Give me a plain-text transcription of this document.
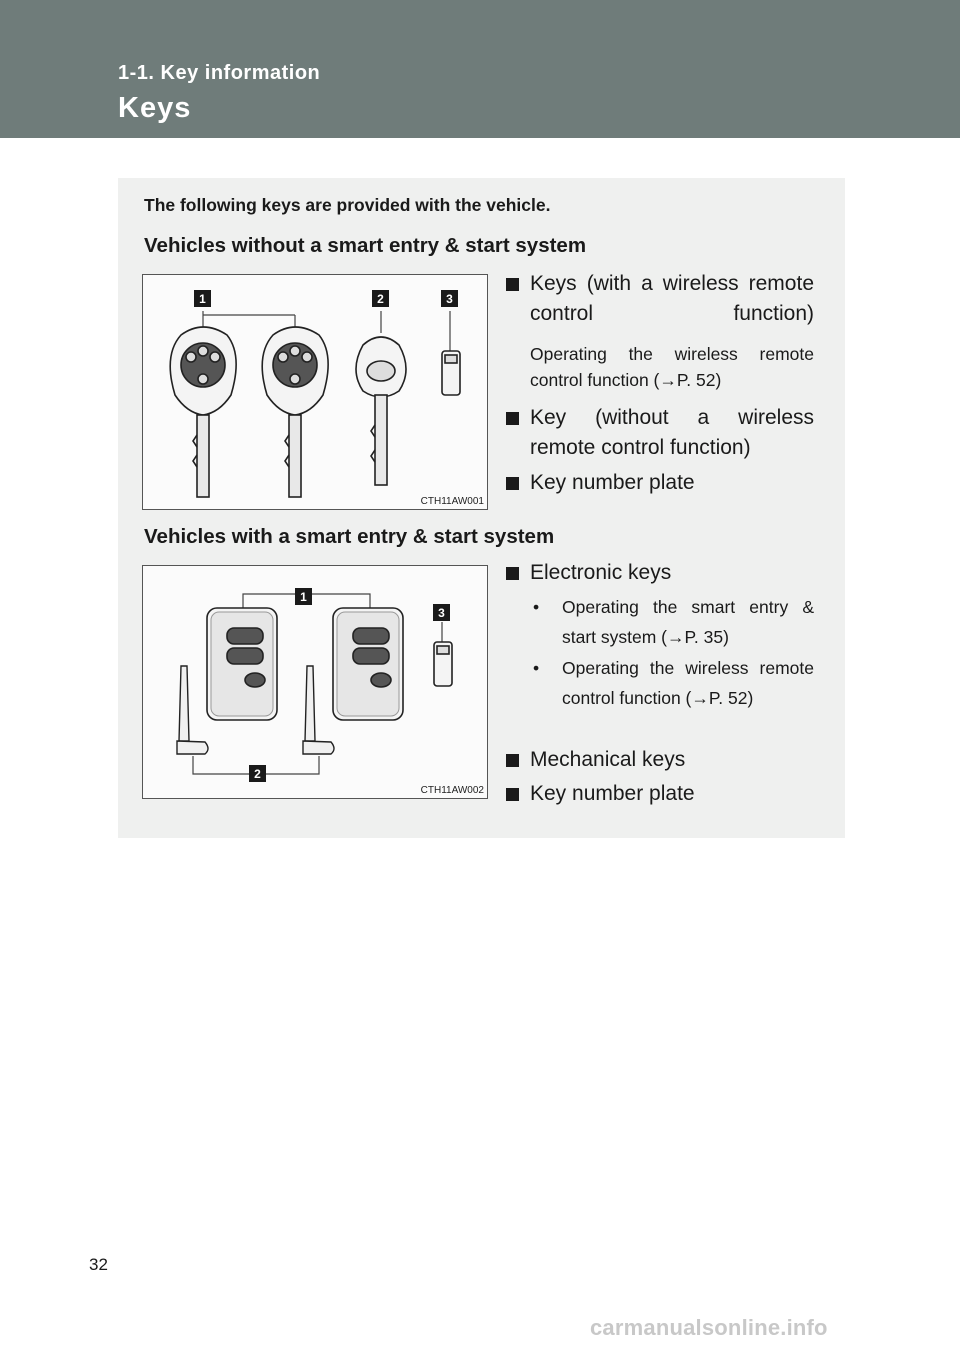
1-1. Key information
Keys
The following keys are provided with the vehicle.
Vehicles without a smart entry & start system
1	2	3
CTH11AW001
Keys (with a wireless remote control function)
Operating the wireless remote control function (→P. 52)
Key (without a wireless remote control function)
Key number plate
Vehicles with a smart entry & start system
1
3
2
CTH11AW002
Electronic keys
•	Operating the smart entry & start system (→P. 35)
•	Operating the wireless remote control function (→P. 52)
Mechanical keys
Key number plate
32
carmanualsonline.info
